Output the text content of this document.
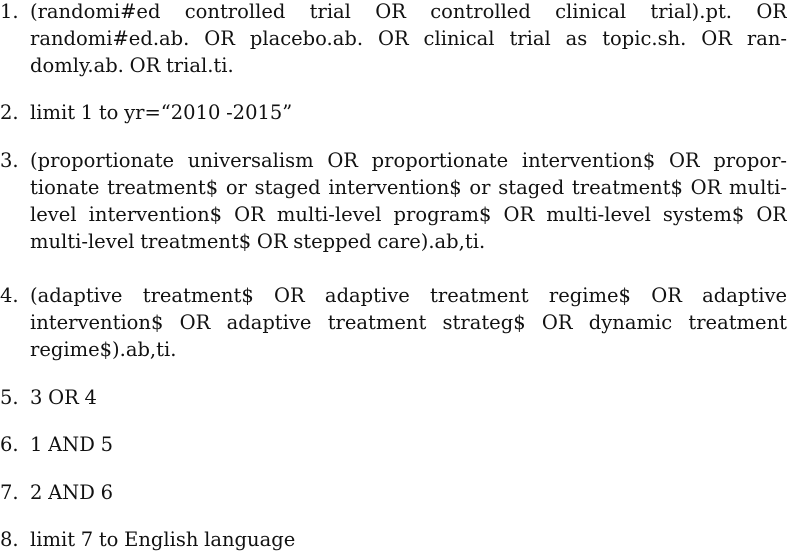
1. (randomi#ed controlled trial OR controlled clinical trial).pt. OR randomi#ed.ab. OR placebo.ab. OR clinical trial as topic.sh. OR randomly.ab. OR trial.ti.
2. limit 1 to yr=“2010 -2015”
3. (proportionate universalism OR proportionate intervention$ OR proportionate treatment$ or staged intervention$ or staged treatment$ OR multi-level intervention$ OR multi-level program$ OR multi-level system$ OR multi-level treatment$ OR stepped care).ab,ti.
4. (adaptive treatment$ OR adaptive treatment regime$ OR adaptive intervention$ OR adaptive treatment strateg$ OR dynamic treatment regime$).ab,ti.
5. 3 OR 4
6. 1 AND 5
7. 2 AND 6
8. limit 7 to English language
